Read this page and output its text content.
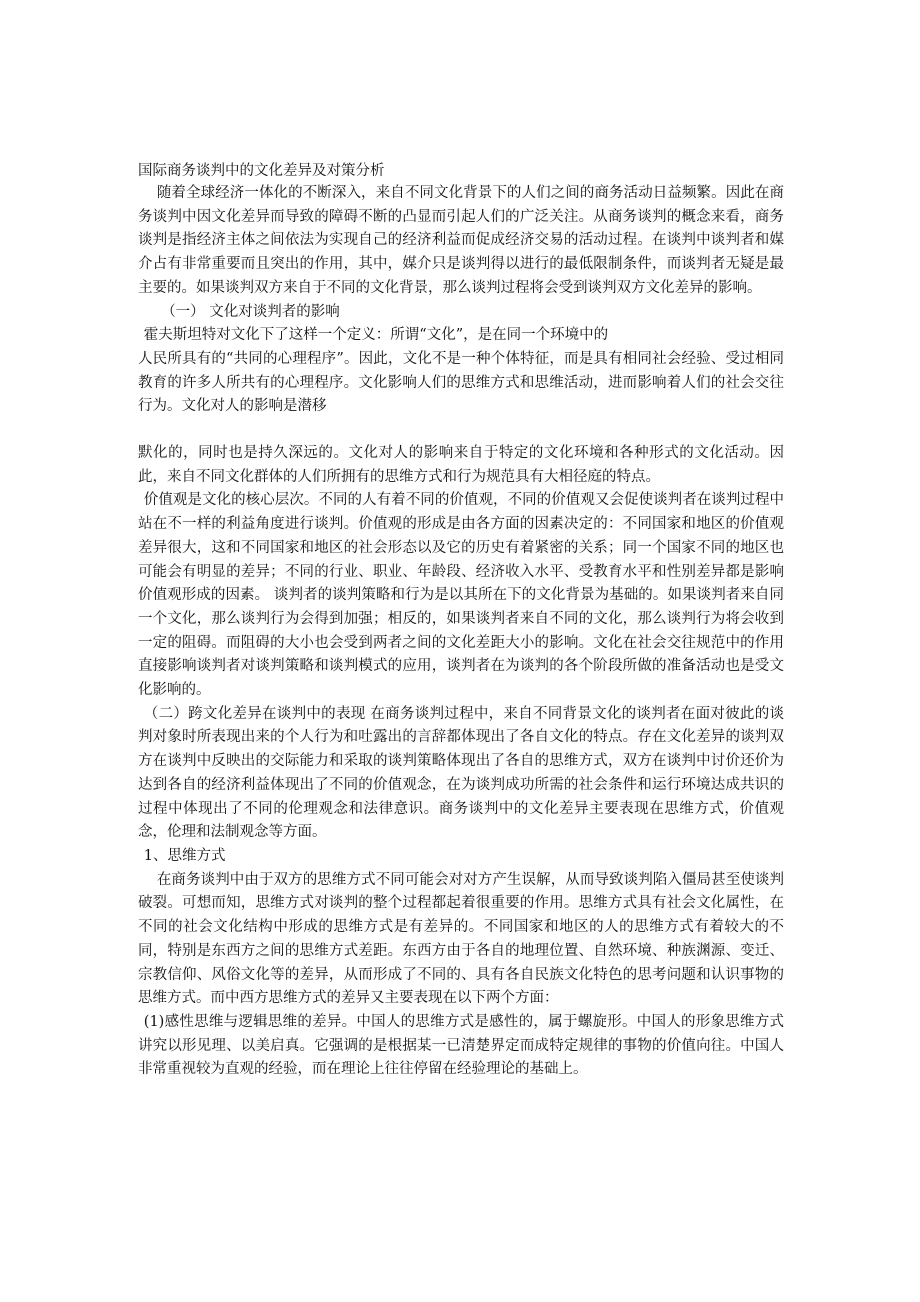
国际商务谈判中的文化差异及对策分析

随着全球经济一体化的不断深入，来自不同文化背景下的人们之间的商务活动日益频繁。因此在商务谈判中因文化差异而导致的障碍不断的凸显而引起人们的广泛关注。从商务谈判的概念来看，商务谈判是指经济主体之间依法为实现自己的经济利益而促成经济交易的活动过程。在谈判中谈判者和媒介占有非常重要而且突出的作用，其中，媒介只是谈判得以进行的最低限制条件，而谈判者无疑是最主要的。如果谈判双方来自于不同的文化背景，那么谈判过程将会受到谈判双方文化差异的影响。

（一） 文化对谈判者的影响

霍夫斯坦特对文化下了这样一个定义：所谓“文化”，是在同一个环境中的

人民所具有的“共同的心理程序”。因此，文化不是一种个体特征，而是具有相同社会经验、受过相同教育的许多人所共有的心理程序。文化影响人们的思维方式和思维活动，进而影响着人们的社会交往行为。文化对人的影响是潜移

默化的，同时也是持久深远的。文化对人的影响来自于特定的文化环境和各种形式的文化活动。因此，来自不同文化群体的人们所拥有的思维方式和行为规范具有大相径庭的特点。

价值观是文化的核心层次。不同的人有着不同的价值观，不同的价值观又会促使谈判者在谈判过程中站在不一样的利益角度进行谈判。价值观的形成是由各方面的因素决定的：不同国家和地区的价值观差异很大，这和不同国家和地区的社会形态以及它的历史有着紧密的关系；同一个国家不同的地区也可能会有明显的差异；不同的行业、职业、年龄段、经济收入水平、受教育水平和性别差异都是影响价值观形成的因素。 谈判者的谈判策略和行为是以其所在下的文化背景为基础的。如果谈判者来自同一个文化，那么谈判行为会得到加强；相反的，如果谈判者来自不同的文化，那么谈判行为将会收到一定的阻碍。而阻碍的大小也会受到两者之间的文化差距大小的影响。文化在社会交往规范中的作用直接影响谈判者对谈判策略和谈判模式的应用，谈判者在为谈判的各个阶段所做的准备活动也是受文化影响的。

（二）跨文化差异在谈判中的表现 在商务谈判过程中，来自不同背景文化的谈判者在面对彼此的谈判对象时所表现出来的个人行为和吐露出的言辞都体现出了各自文化的特点。存在文化差异的谈判双方在谈判中反映出的交际能力和采取的谈判策略体现出了各自的思维方式，双方在谈判中讨价还价为达到各自的经济利益体现出了不同的价值观念，在为谈判成功所需的社会条件和运行环境达成共识的过程中体现出了不同的伦理观念和法律意识。商务谈判中的文化差异主要表现在思维方式，价值观念，伦理和法制观念等方面。

1、思维方式

在商务谈判中由于双方的思维方式不同可能会对对方产生误解，从而导致谈判陷入僵局甚至使谈判破裂。可想而知，思维方式对谈判的整个过程都起着很重要的作用。思维方式具有社会文化属性，在不同的社会文化结构中形成的思维方式是有差异的。不同国家和地区的人的思维方式有着较大的不同，特别是东西方之间的思维方式差距。东西方由于各自的地理位置、自然环境、种族渊源、变迁、宗教信仰、风俗文化等的差异，从而形成了不同的、具有各自民族文化特色的思考问题和认识事物的思维方式。而中西方思维方式的差异又主要表现在以下两个方面：

(1)感性思维与逻辑思维的差异。中国人的思维方式是感性的，属于螺旋形。中国人的形象思维方式讲究以形见理、以美启真。它强调的是根据某一已清楚界定而成特定规律的事物的价值向往。中国人非常重视较为直观的经验，而在理论上往往停留在经验理论的基础上。
